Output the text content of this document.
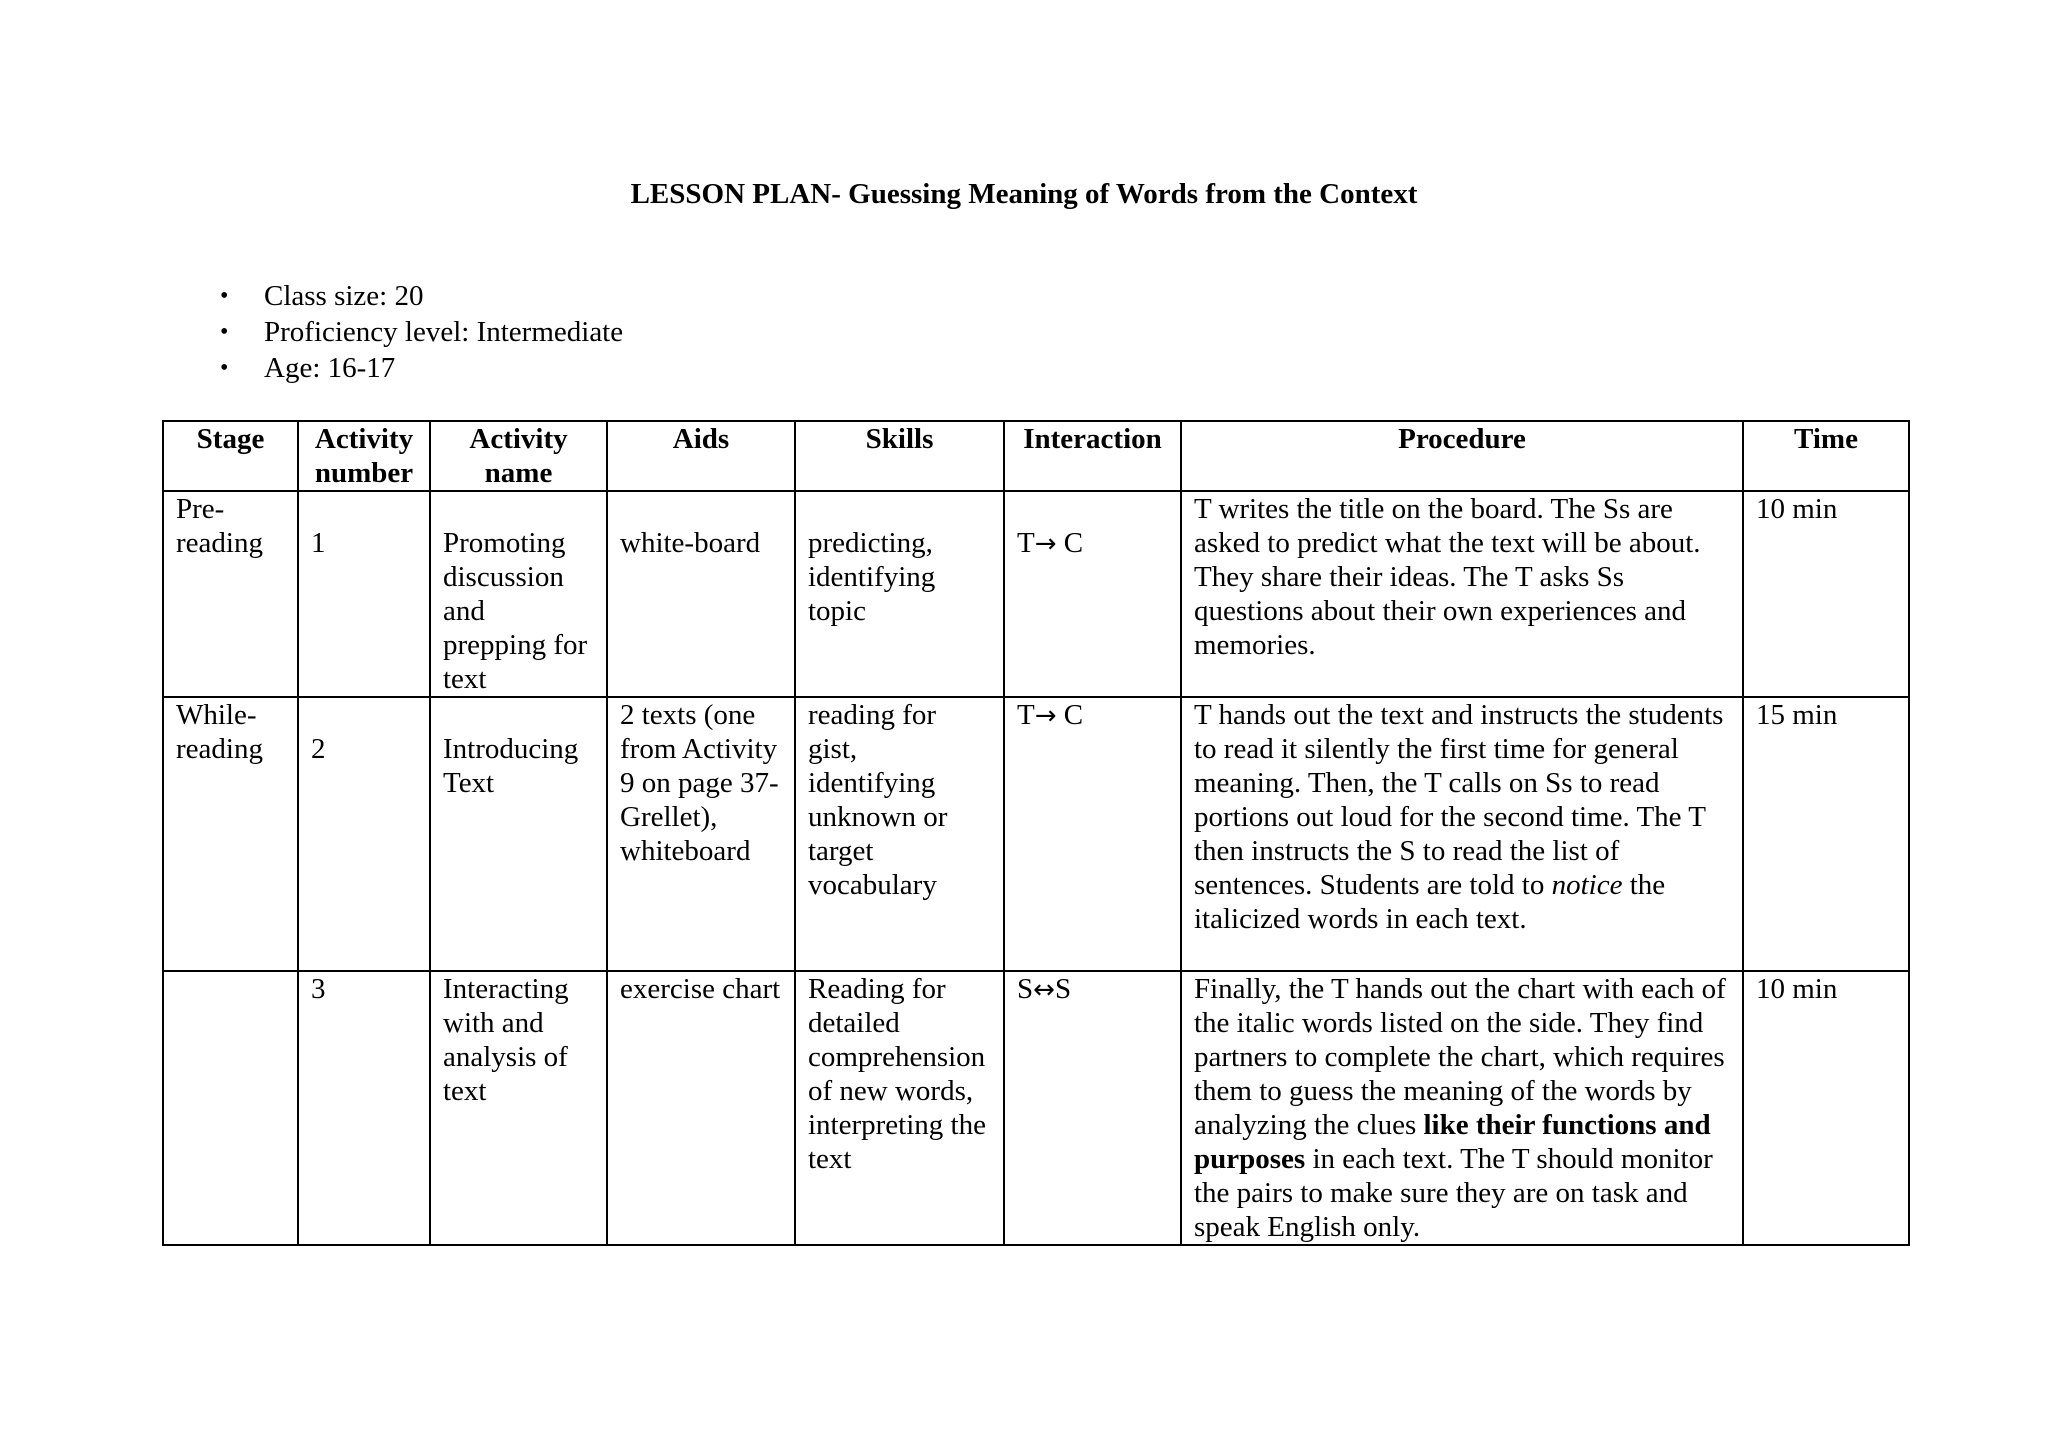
LESSON PLAN- Guessing Meaning of Words from the Context
• Class size: 20
• Proficiency level: Intermediate
• Age: 16-17
Stage	Activity number	Activity name	Aids	Skills	Interaction	Procedure	Time
Pre-reading	1	Promoting discussion and prepping for text	white-board	predicting, identifying topic	T→ C	T writes the title on the board. The Ss are asked to predict what the text will be about. They share their ideas. The T asks Ss questions about their own experiences and memories.	10 min
While-reading	2	Introducing Text	2 texts (one from Activity 9 on page 37- Grellet), whiteboard	reading for gist, identifying unknown or target vocabulary	T→ C	T hands out the text and instructs the students to read it silently the first time for general meaning. Then, the T calls on Ss to read portions out loud for the second time. The T then instructs the S to read the list of sentences. Students are told to notice the italicized words in each text.	15 min
	3	Interacting with and analysis of text	exercise chart	Reading for detailed comprehension of new words, interpreting the text	S↔S	Finally, the T hands out the chart with each of the italic words listed on the side. They find partners to complete the chart, which requires them to guess the meaning of the words by analyzing the clues like their functions and purposes in each text. The T should monitor the pairs to make sure they are on task and speak English only.	10 min
